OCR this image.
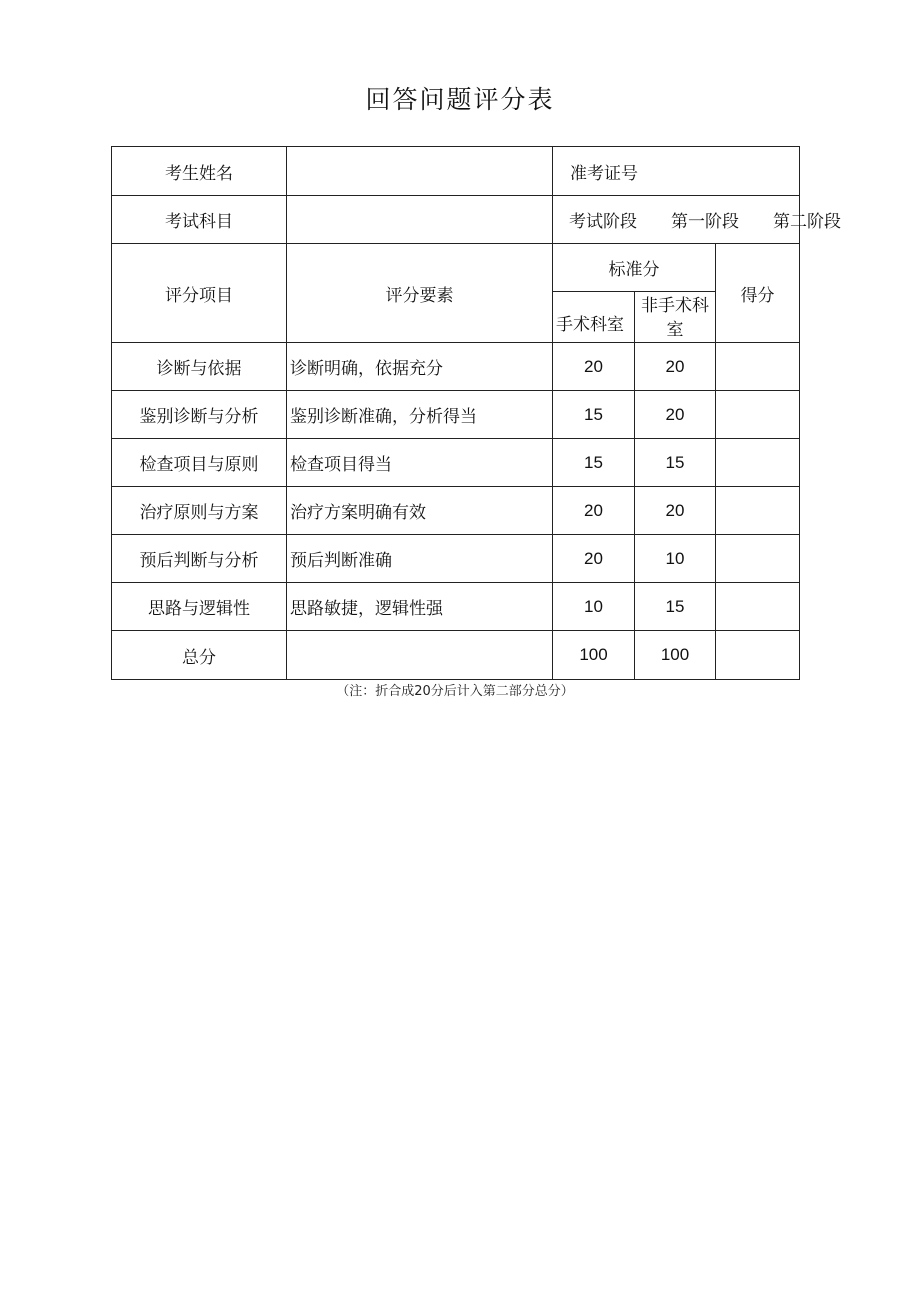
回答问题评分表
考生姓名		准考证号		
考试科目		考试阶段 第一阶段 第二阶段		

评分项目	评分要素	标准分		得分

		手术科室	非手术科室	

诊断与依据	诊断明确，依据充分	20	20	
鉴别诊断与分析	鉴别诊断准确，分析得当	15	20	
检查项目与原则	检查项目得当	15	15	
治疗原则与方案	治疗方案明确有效	20	20	
预后判断与分析	预后判断准确	20	10	
思路与逻辑性	思路敏捷，逻辑性强	10	15	
总分		100	100	
（注：折合成20分后计入第二部分总分）
